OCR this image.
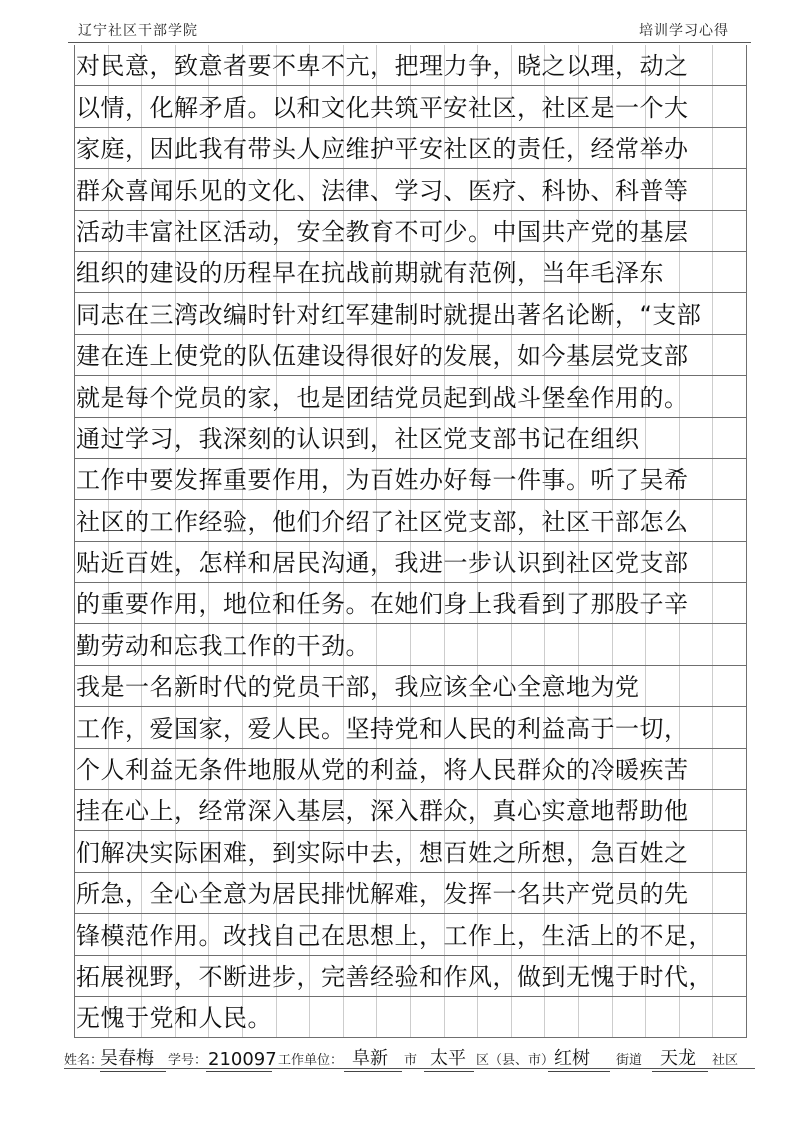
辽宁社区干部学院	培训学习心得
对民意，致意者要不卑不亢，把理力争，晓之以理，动之
以情，化解矛盾。以和文化共筑平安社区，社区是一个大
家庭，因此我有带头人应维护平安社区的责任，经常举办
群众喜闻乐见的文化、法律、学习、医疗、科协、科普等
活动丰富社区活动，安全教育不可少。中国共产党的基层
组织的建设的历程早在抗战前期就有范例，当年毛泽东
同志在三湾改编时针对红军建制时就提出著名论断，“支部
建在连上使党的队伍建设得很好的发展，如今基层党支部
就是每个党员的家，也是团结党员起到战斗堡垒作用的。
通过学习，我深刻的认识到，社区党支部书记在组织
工作中要发挥重要作用，为百姓办好每一件事。听了吴希
社区的工作经验，他们介绍了社区党支部，社区干部怎么
贴近百姓，怎样和居民沟通，我进一步认识到社区党支部
的重要作用，地位和任务。在她们身上我看到了那股子辛
勤劳动和忘我工作的干劲。
我是一名新时代的党员干部，我应该全心全意地为党
工作，爱国家，爱人民。坚持党和人民的利益高于一切，
个人利益无条件地服从党的利益，将人民群众的冷暖疾苦
挂在心上，经常深入基层，深入群众，真心实意地帮助他
们解决实际困难，到实际中去，想百姓之所想，急百姓之
所急，全心全意为居民排忧解难，发挥一名共产党员的先
锋模范作用。改找自己在思想上，工作上，生活上的不足，
拓展视野，不断进步，完善经验和作风，做到无愧于时代，
无愧于党和人民。
姓名：
吴春梅 学号： 210097 工作单位： 阜新 市 太平 区（县、市） 红树 街道 天龙 社区
